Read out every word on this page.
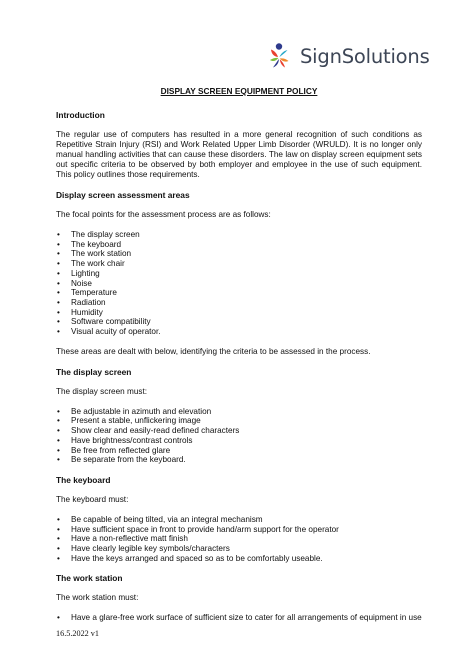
SignSolutions
DISPLAY SCREEN EQUIPMENT POLICY
Introduction

The regular use of computers has resulted in a more general recognition of such conditions as Repetitive Strain Injury (RSI) and Work Related Upper Limb Disorder (WRULD). It is no longer only manual handling activities that can cause these disorders. The law on display screen equipment sets out specific criteria to be observed by both employer and employee in the use of such equipment. This policy outlines those requirements.

Display screen assessment areas

The focal points for the assessment process are as follows:

• The display screen
• The keyboard
• The work station
• The work chair
• Lighting
• Noise
• Temperature
• Radiation
• Humidity
• Software compatibility
• Visual acuity of operator.

These areas are dealt with below, identifying the criteria to be assessed in the process.

The display screen

The display screen must:

• Be adjustable in azimuth and elevation
• Present a stable, unflickering image
• Show clear and easily-read defined characters
• Have brightness/contrast controls
• Be free from reflected glare
• Be separate from the keyboard.
The keyboard

The keyboard must:

• Be capable of being tilted, via an integral mechanism
• Have sufficient space in front to provide hand/arm support for the operator
• Have a non-reflective matt finish
• Have clearly legible key symbols/characters
• Have the keys arranged and spaced so as to be comfortably useable.
The work station

The work station must:

• Have a glare-free work surface of sufficient size to cater for all arrangements of equipment in use
16.5.2022 v1
